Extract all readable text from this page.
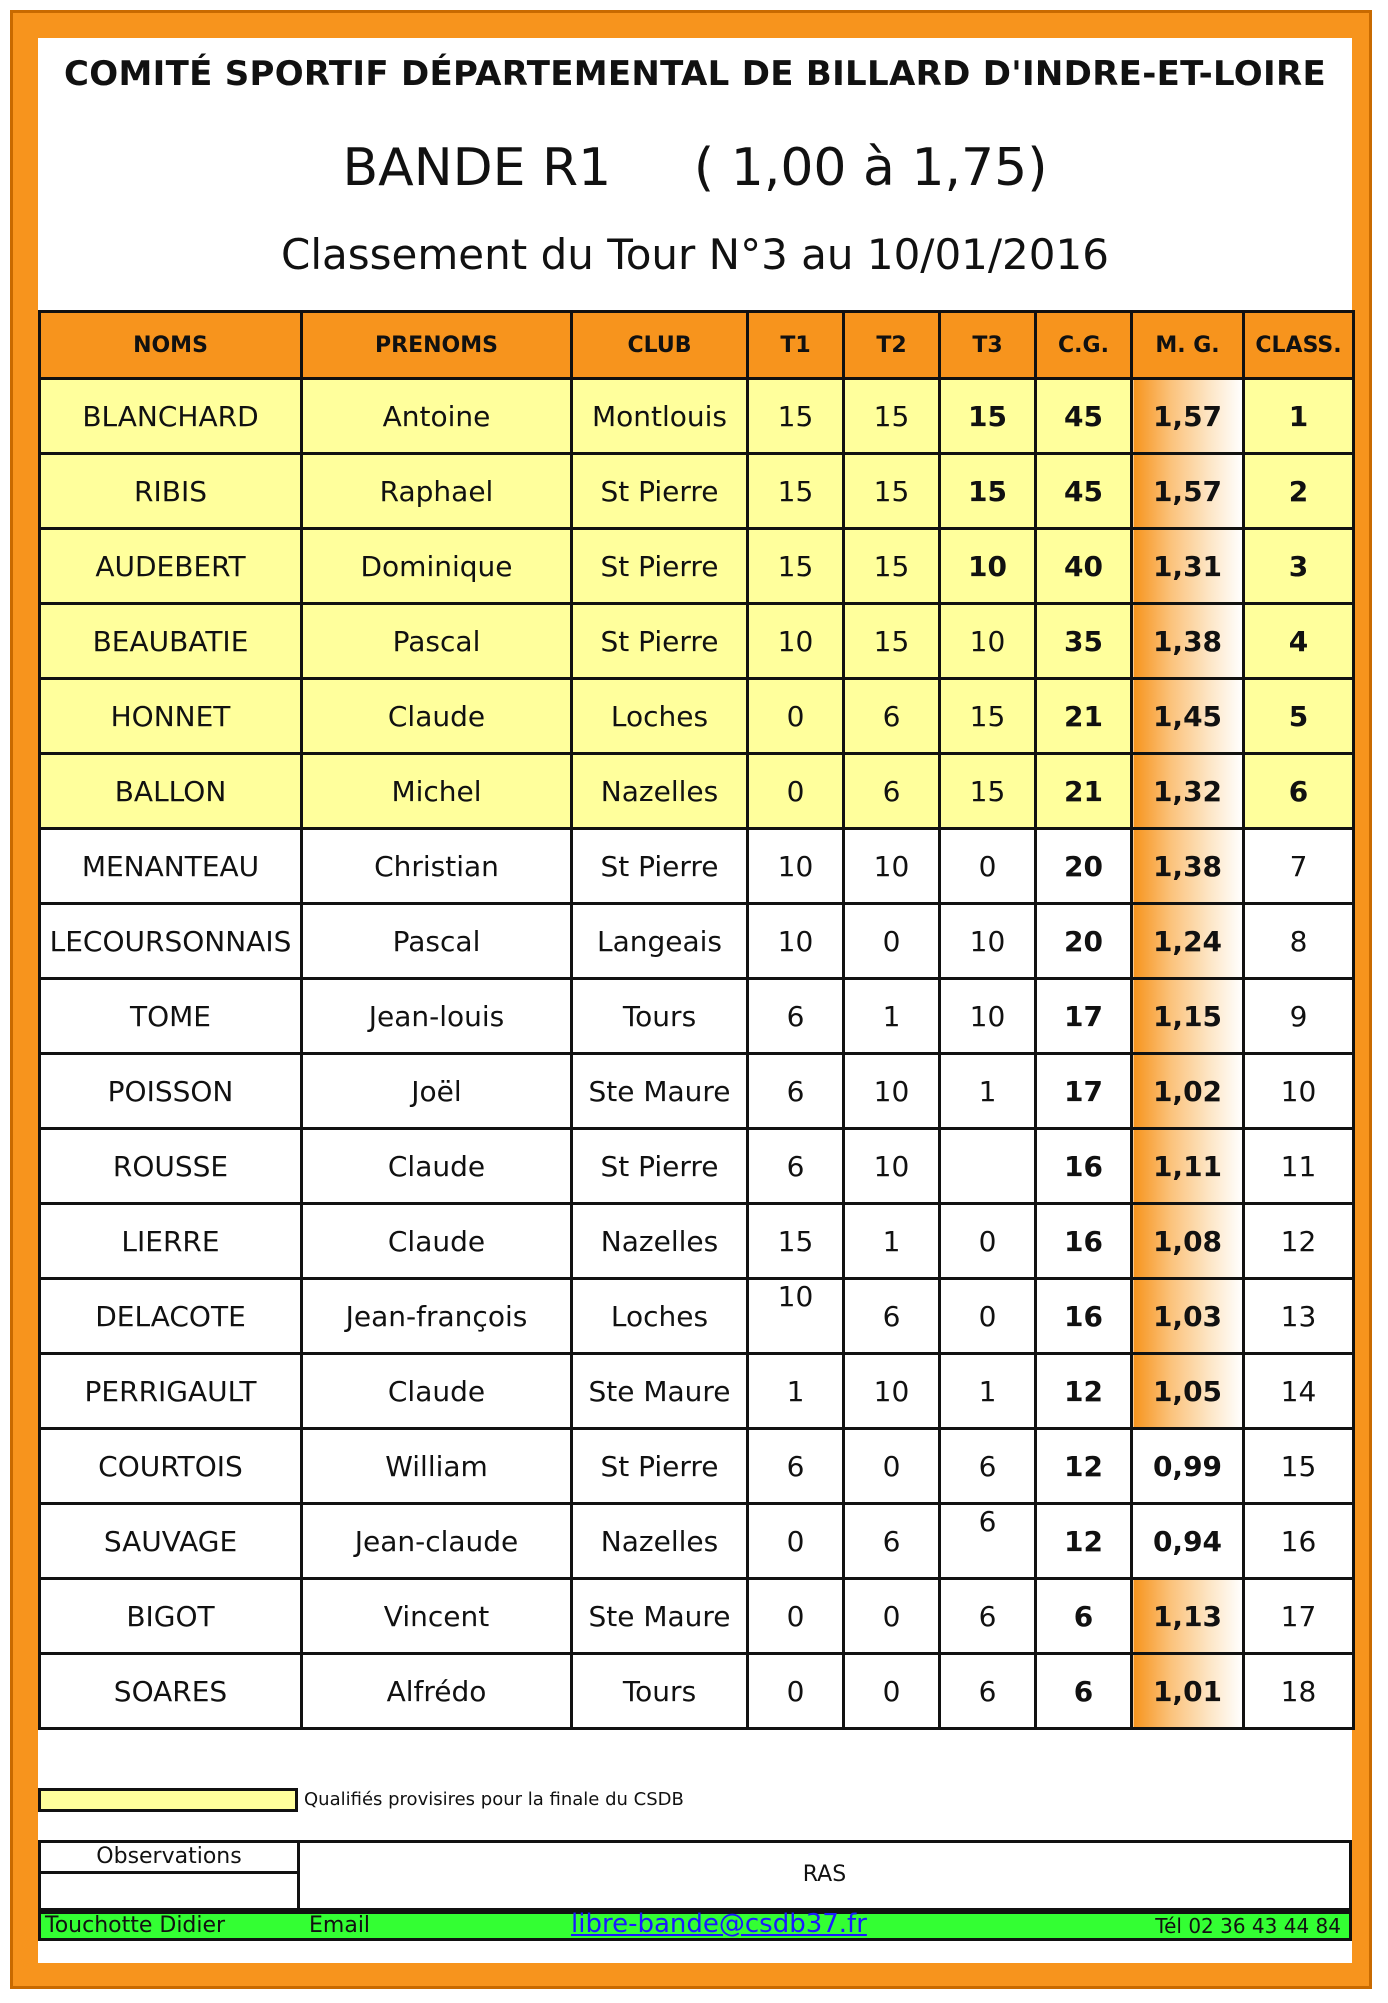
COMITÉ SPORTIF DÉPARTEMENTAL DE BILLARD D'INDRE-ET-LOIRE
BANDE R1     ( 1,00 à 1,75)
Classement du Tour N°3 au 10/01/2016
NOMS	PRENOMS	CLUB	T1	T2	T3	C.G.	M. G.	CLASS.
BLANCHARD	Antoine	Montlouis	15	15	15	45	1,57	1
RIBIS	Raphael	St Pierre	15	15	15	45	1,57	2
AUDEBERT	Dominique	St Pierre	15	15	10	40	1,31	3
BEAUBATIE	Pascal	St Pierre	10	15	10	35	1,38	4
HONNET	Claude	Loches	0	6	15	21	1,45	5
BALLON	Michel	Nazelles	0	6	15	21	1,32	6
MENANTEAU	Christian	St Pierre	10	10	0	20	1,38	7
LECOURSONNAIS	Pascal	Langeais	10	0	10	20	1,24	8
TOME	Jean-louis	Tours	6	1	10	17	1,15	9
POISSON	Joël	Ste Maure	6	10	1	17	1,02	10
ROUSSE	Claude	St Pierre	6	10		16	1,11	11
LIERRE	Claude	Nazelles	15	1	0	16	1,08	12
DELACOTE	Jean-françois	Loches	10	6	0	16	1,03	13
PERRIGAULT	Claude	Ste Maure	1	10	1	12	1,05	14
COURTOIS	William	St Pierre	6	0	6	12	0,99	15
SAUVAGE	Jean-claude	Nazelles	0	6	6	12	0,94	16
BIGOT	Vincent	Ste Maure	0	0	6	6	1,13	17
SOARES	Alfrédo	Tours	0	0	6	6	1,01	18
Qualifiés provisires pour la finale du CSDB
Observations
RAS
Touchotte Didier	Email	libre-bande@csdb37.fr	Tél 02 36 43 44 84
